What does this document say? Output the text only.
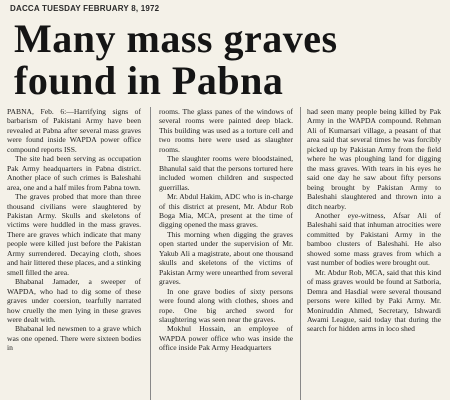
DACCA TUESDAY FEBRUARY 8, 1972
Many mass graves
found in Pabna

PABNA, Feb. 6:—Harrifying signs of barbarism of Pakistani Army have been revealed at Pabna after several mass graves were found inside WAPDA power office compound reports ISS.

The site had been serving as occupation Pak Army headquarters in Pabna district. Another place of such crimes is Baleshahi area, one and a half miles from Pabna town.

The graves probed that more than three thousand civilians were slaughtered by Pakistan Army. Skulls and skeletons of victims were huddled in the mass graves. There are graves which indicate that many people were killed just before the Pakistan Army surrendered. Decaying cloth, shoes and hair littered these places, and a stinking smell filled the area.

Bhabanal Jamader, a sweeper of WAPDA, who had to dig some of these graves under coersion, tearfully narrated how cruelly the men lying in these graves were dealt with.

Bhabanal led newsmen to a grave which was one opened. There were sixteen bodies in

rooms. The glass panes of the windows of several rooms were painted deep black. This building was used as a torture cell and two rooms here were used as slaughter rooms.

The slaughter rooms were bloodstained, Bhanulal said that the persons tortured here included women children and suspected guerrillas.

Mr. Abdul Hakim, ADC who is in-charge of this district at present, Mr. Abdur Rob Boga Mia, MCA, present at the time of digging opened the mass graves.

This morning when digging the graves open started under the supervision of Mr. Yakub Ali a magistrate, about one thousand skulls and skeletons of the victims of Pakistan Army were unearthed from several graves.

In one grave bodies of sixty persons were found along with clothes, shoes and rope. One big arched sword for slaughtering was seen near the graves.

Mokhul Hossain, an employee of WAPDA power office who was inside the office inside Pak Army Headquarters

had seen many people being killed by Pak Army in the WAPDA compound. Rehman Ali of Kumarsari village, a peasant of that area said that several times he was forcibly picked up by Pakistan Army from the field where he was ploughing land for digging the mass graves. With tears in his eyes he said one day he saw about fifty persons being brought by Pakistan Army to Baleshahi slaughtered and thrown into a ditch nearby.

Another eye-witness, Afsar Ali of Baleshahi said that inhuman atrocities were committed by Pakistani Army in the bamboo clusters of Baleshahi. He also showed some mass graves from which a vast number of bodies were brought out.

Mr. Abdur Rob, MCA, said that this kind of mass graves would be found at Satboria, Demra and Hasdial were several thousand persons were killed by Paki Army. Mr. Moniruddin Ahmed, Secretary, Ishwardi Awami League, said today that during the search for hidden arms in loco shed
